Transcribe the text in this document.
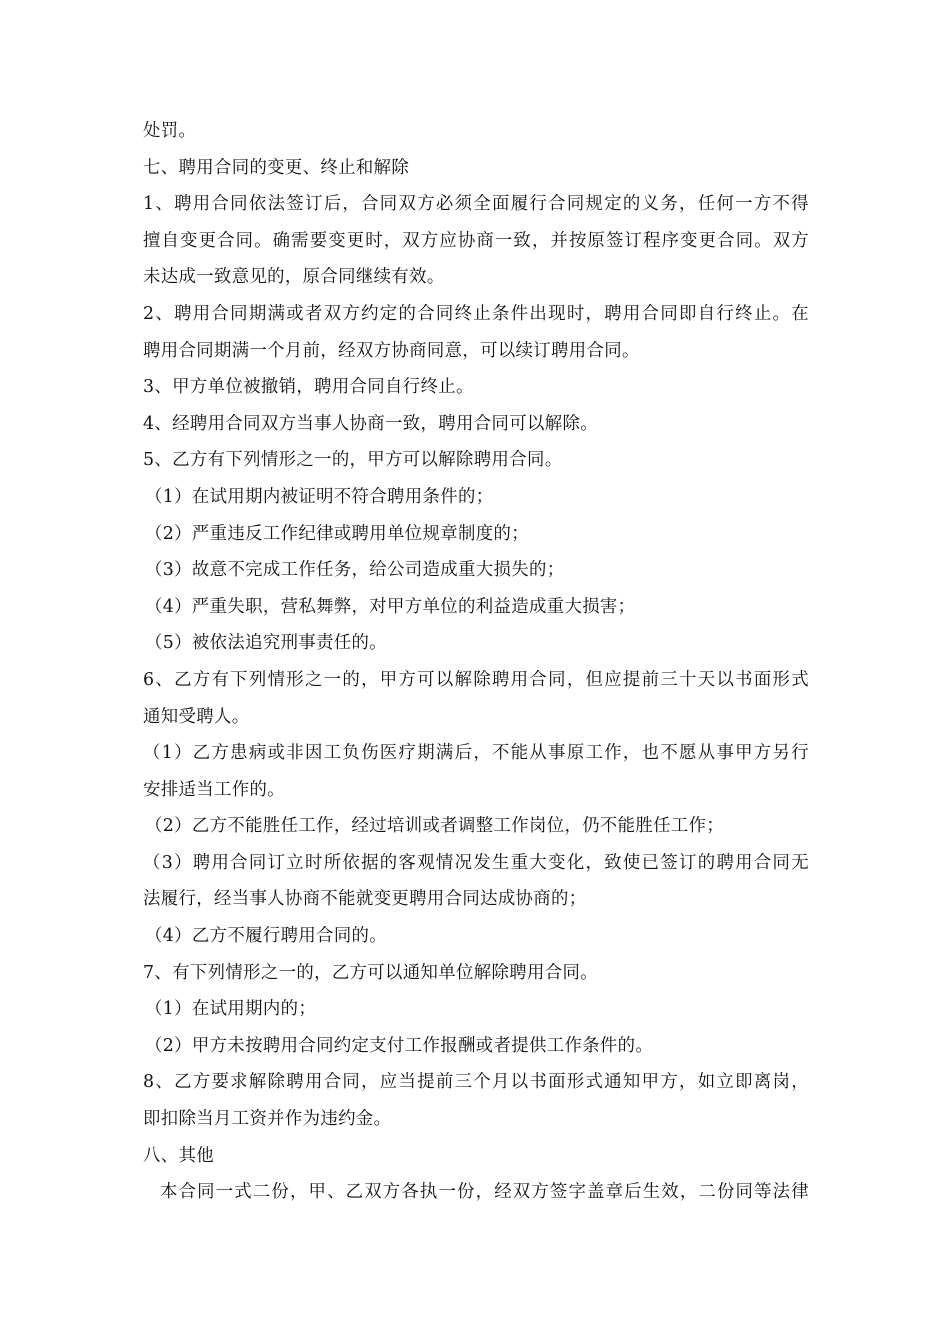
处罚。
七、聘用合同的变更、终止和解除
1、聘用合同依法签订后，合同双方必须全面履行合同规定的义务，任何一方不得
擅自变更合同。确需要变更时，双方应协商一致，并按原签订程序变更合同。双方
未达成一致意见的，原合同继续有效。
2、聘用合同期满或者双方约定的合同终止条件出现时，聘用合同即自行终止。在
聘用合同期满一个月前，经双方协商同意，可以续订聘用合同。
3、甲方单位被撤销，聘用合同自行终止。
4、经聘用合同双方当事人协商一致，聘用合同可以解除。
5、乙方有下列情形之一的，甲方可以解除聘用合同。
（1）在试用期内被证明不符合聘用条件的；
（2）严重违反工作纪律或聘用单位规章制度的；
（3）故意不完成工作任务，给公司造成重大损失的；
（4）严重失职，营私舞弊，对甲方单位的利益造成重大损害；
（5）被依法追究刑事责任的。
6、乙方有下列情形之一的，甲方可以解除聘用合同，但应提前三十天以书面形式
通知受聘人。
（1）乙方患病或非因工负伤医疗期满后，不能从事原工作，也不愿从事甲方另行
安排适当工作的。
（2）乙方不能胜任工作，经过培训或者调整工作岗位，仍不能胜任工作；
（3）聘用合同订立时所依据的客观情况发生重大变化，致使已签订的聘用合同无
法履行，经当事人协商不能就变更聘用合同达成协商的；
（4）乙方不履行聘用合同的。
7、有下列情形之一的，乙方可以通知单位解除聘用合同。
（1）在试用期内的；
（2）甲方未按聘用合同约定支付工作报酬或者提供工作条件的。
8、乙方要求解除聘用合同，应当提前三个月以书面形式通知甲方，如立即离岗，
即扣除当月工资并作为违约金。
八、其他
本合同一式二份，甲、乙双方各执一份，经双方签字盖章后生效，二份同等法律
